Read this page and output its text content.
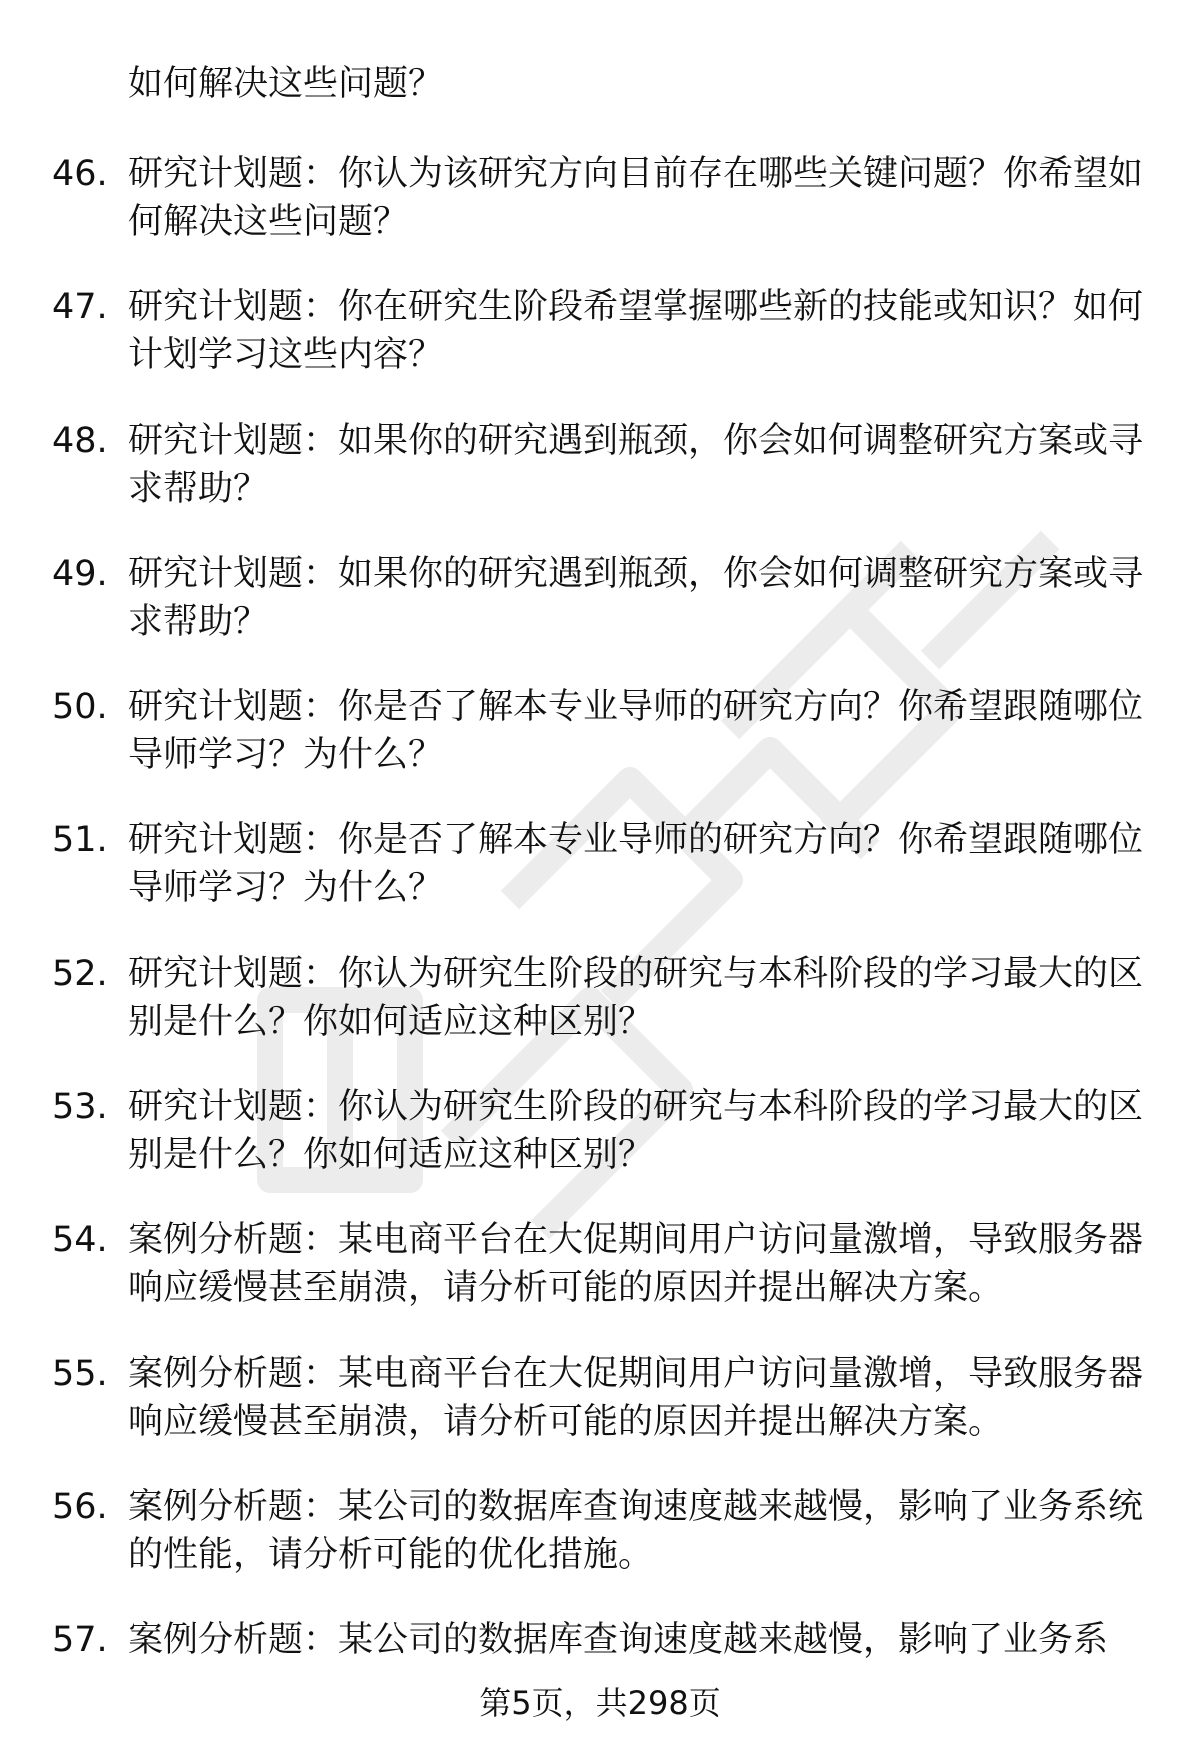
如何解决这些问题？
46. 研究计划题：你认为该研究方向目前存在哪些关键问题？你希望如何解决这些问题？
47. 研究计划题：你在研究生阶段希望掌握哪些新的技能或知识？如何计划学习这些内容？
48. 研究计划题：如果你的研究遇到瓶颈，你会如何调整研究方案或寻求帮助？
49. 研究计划题：如果你的研究遇到瓶颈，你会如何调整研究方案或寻求帮助？
50. 研究计划题：你是否了解本专业导师的研究方向？你希望跟随哪位导师学习？为什么？
51. 研究计划题：你是否了解本专业导师的研究方向？你希望跟随哪位导师学习？为什么？
52. 研究计划题：你认为研究生阶段的研究与本科阶段的学习最大的区别是什么？你如何适应这种区别？
53. 研究计划题：你认为研究生阶段的研究与本科阶段的学习最大的区别是什么？你如何适应这种区别？
54. 案例分析题：某电商平台在大促期间用户访问量激增，导致服务器响应缓慢甚至崩溃，请分析可能的原因并提出解决方案。
55. 案例分析题：某电商平台在大促期间用户访问量激增，导致服务器响应缓慢甚至崩溃，请分析可能的原因并提出解决方案。
56. 案例分析题：某公司的数据库查询速度越来越慢，影响了业务系统的性能，请分析可能的优化措施。
57. 案例分析题：某公司的数据库查询速度越来越慢，影响了业务系
第5页，共298页
